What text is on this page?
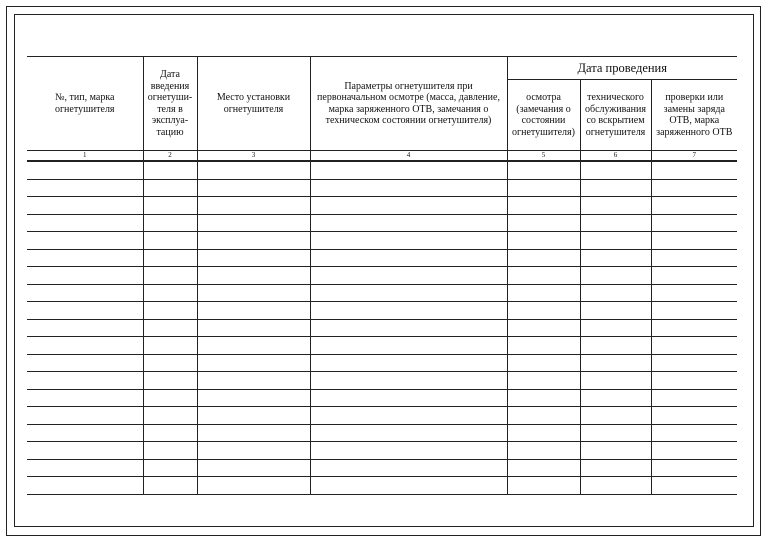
№, тип, марка огнетушителя	Дата введения огнетуши-теля в эксплуа-тацию	Место установки огнетушителя	Параметры огнетушителя при первоначальном осмотре (масса, давление, марка заряженного ОТВ, замечания о техническом состоянии огнетушителя)	Дата проведения		
				осмотра (замечания о состоянии огнетушителя)	технического обслуживания со вскрытием огнетушителя	проверки или замены заряда ОТВ, марка заряженного ОТВ
1	2	3	4	5	6	7
